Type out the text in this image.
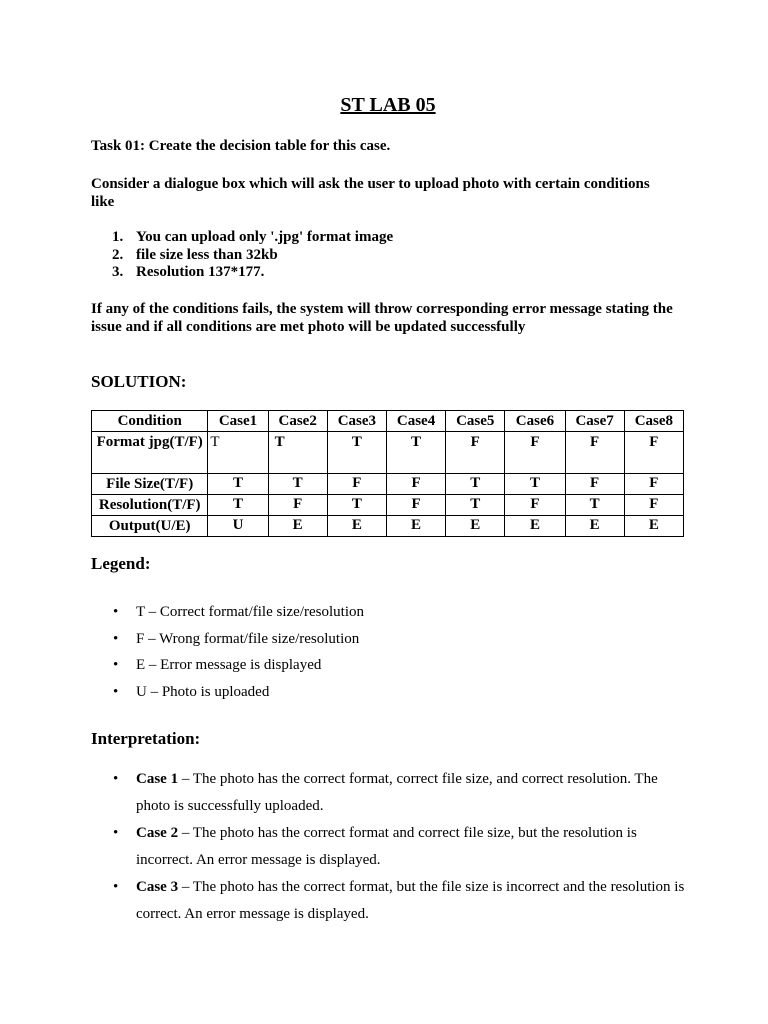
ST LAB 05
Task 01: Create the decision table for this case.
Consider a dialogue box which will ask the user to upload photo with certain conditions like
1. You can upload only '.jpg' format image
2. file size less than 32kb
3. Resolution 137*177.
If any of the conditions fails, the system will throw corresponding error message stating the issue and if all conditions are met photo will be updated successfully
SOLUTION:
Condition	Case1	Case2	Case3	Case4	Case5	Case6	Case7	Case8
Format jpg(T/F)	T	T	T	T	F	F	F	F
File Size(T/F)	T	T	F	F	T	T	F	F
Resolution(T/F)	T	F	T	F	T	F	T	F
Output(U/E)	U	E	E	E	E	E	E	E
Legend:
• T – Correct format/file size/resolution
• F – Wrong format/file size/resolution
• E – Error message is displayed
• U – Photo is uploaded
Interpretation:
• Case 1 – The photo has the correct format, correct file size, and correct resolution. The photo is successfully uploaded.
• Case 2 – The photo has the correct format and correct file size, but the resolution is incorrect. An error message is displayed.
• Case 3 – The photo has the correct format, but the file size is incorrect and the resolution is correct. An error message is displayed.
